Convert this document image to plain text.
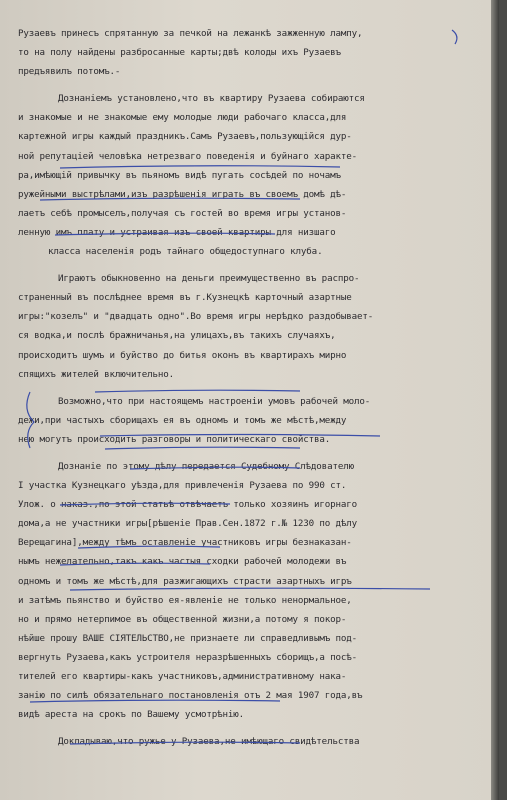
Рузаевъ принесъ спрятанную за печкой на лежанкѣ зажженную лампу,
то на полу найдены разбросанные карты;двѣ колоды ихъ Рузаевъ
предъявилъ потомъ.-
Дознаніемъ установлено,что въ квартиру Рузаева собираются
и знакомые и не знакомые ему молодые люди рабочаго класса,для
картежной игры каждый праздникъ.Самъ Рузаевъ,пользующійся дур-
ной репутаціей человѣка нетрезваго поведенія и буйнаго характе-
ра,имѣющій привычку въ пьяномъ видѣ пугать сосѣдей по ночамъ
ружейными выстрѣлами,изъ разрѣшенія играть въ своемъ домѣ дѣ-
лаетъ себѣ промыселъ,получая съ гостей во время игры установ-
ленную имъ плату и устраивая изъ своей квартиры для низшаго
класса населенія родъ тайнаго общедоступнаго клуба.
Играютъ обыкновенно на деньги преимущественно въ распро-
страненный въ послѣднее время въ г.Кузнецкѣ карточный азартные
игры:"козелъ" и "двадцать одно".Во время игры нерѣдко раздобывает-
ся водка,и послѣ бражничанья,на улицахъ,въ такихъ случаяхъ,
происходитъ шумъ и буйство до битья оконъ въ квартирахъ мирно
спящихъ жителей включительно.
Возможно,что при настоящемъ настроеніи умовъ рабочей моло-
дежи,при частыхъ сборищахъ ея въ одномъ и томъ же мѣстѣ,между
нею могутъ происходить разговоры и политическаго свойства.
Дознаніе по этому дѣлу передается Судебному Слѣдователю
I участка Кузнецкаго уѣзда,для привлеченія Рузаева по 990 ст.
Улож. о наказ.,по этой статьѣ отвѣчаетъ только хозяинъ игорнаго
дома,а не участники игры[рѣшеніе Прав.Сен.1872 г.№ 1230 по дѣлу
Верещагина],между тѣмъ оставленіе участниковъ игры безнаказан-
нымъ нежелательно,такъ какъ частыя сходки рабочей молодежи въ
одномъ и томъ же мѣстѣ,для разжигающихъ страсти азартныхъ игръ
и затѣмъ пьянство и буйство ея-явленіе не только ненормальное,
но и прямо нетерпимое въ общественной жизни,а потому я покор-
нѣйше прошу ВАШЕ СІЯТЕЛЬСТВО,не признаете ли справедливымъ под-
вергнуть Рузаева,какъ устроителя неразрѣшенныхъ сборищъ,а посѣ-
тителей его квартиры-какъ участниковъ,административному нака-
занію по силѣ обязательнаго постановленія отъ 2 мая 1907 года,въ
видѣ ареста на срокъ по Вашему усмотрѣнію.
Докладываю,что ружье у Рузаева,не имѣющаго свидѣтельства
